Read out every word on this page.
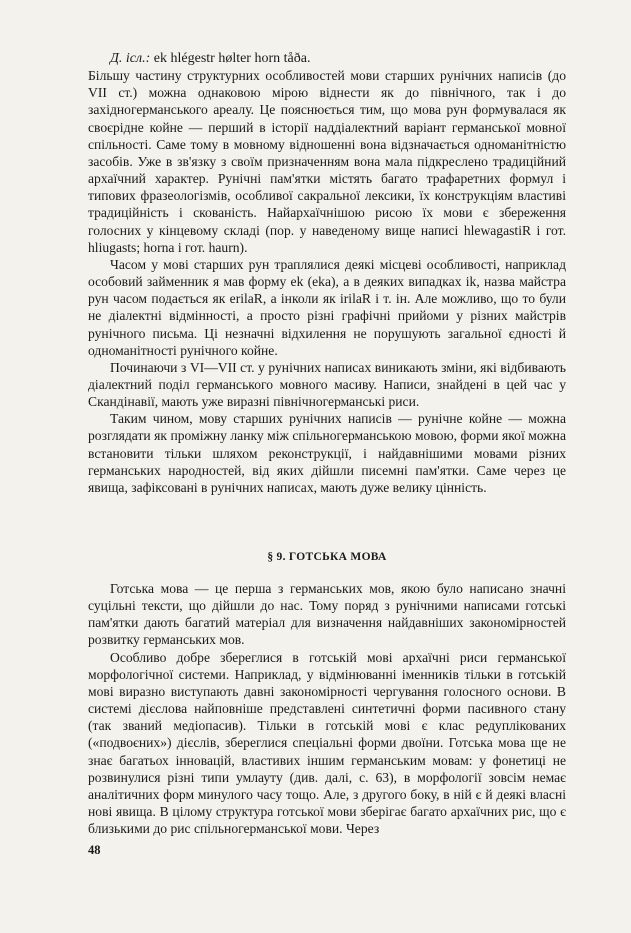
Д. ісл.: ek hlégestr hølter horn tåða.

Більшу частину структурних особливостей мови старших рунічних написів (до VII ст.) можна однаковою мірою віднести як до північного, так і до західногерманського ареалу. Це пояснюється тим, що мова рун формувалася як своєрідне койне — перший в історії наддіалектний варіант германської мовної спільності. Саме тому в мовному відношенні вона відзначається одноманітністю засобів. Уже в зв'язку з своїм призначенням вона мала підкреслено традиційний архаїчний характер. Рунічні пам'ятки містять багато трафаретних формул і типових фразеологізмів, особливої сакральної лексики, їх конструкціям властиві традиційність і скованість. Найархаїчнішою рисою їх мови є збереження голосних у кінцевому складі (пор. у наведеному вище написі hlewagastiR і гот. hliugasts; horna і гот. haurn).

Часом у мові старших рун траплялися деякі місцеві особливості, наприклад особовий займенник я мав форму ek (eka), а в деяких випадках ik, назва майстра рун часом подається як erilaR, а інколи як irilaR і т. ін. Але можливо, що то були не діалектні відмінності, а просто різні графічні прийоми у різних майстрів рунічного письма. Ці незначні відхилення не порушують загальної єдності й одноманітності рунічного койне.

Починаючи з VI—VII ст. у рунічних написах виникають зміни, які відбивають діалектний поділ германського мовного масиву. Написи, знайдені в цей час у Скандінавії, мають уже виразні північногерманські риси.

Таким чином, мову старших рунічних написів — рунічне койне — можна розглядати як проміжну ланку між спільногерманською мовою, форми якої можна встановити тільки шляхом реконструкції, і найдавнішими мовами різних германських народностей, від яких дійшли писемні пам'ятки. Саме через це явища, зафіксовані в рунічних написах, мають дуже велику цінність.

§ 9. ГОТСЬКА МОВА

Готська мова — це перша з германських мов, якою було написано значні суцільні тексти, що дійшли до нас. Тому поряд з рунічними написами готські пам'ятки дають багатий матеріал для визначення найдавніших закономірностей розвитку германських мов.

Особливо добре збереглися в готській мові архаїчні риси германської морфологічної системи. Наприклад, у відмінюванні іменників тільки в готській мові виразно виступають давні закономірності чергування голосного основи. В системі дієслова найповніше представлені синтетичні форми пасивного стану (так званий медіопасив). Тільки в готській мові є клас редуплікованих («подвоєних») дієслів, збереглися спеціальні форми двоїни. Готська мова ще не знає багатьох інновацій, властивих іншим германським мовам: у фонетиці не розвинулися різні типи умлауту (див. далі, с. 63), в морфології зовсім немає аналітичних форм минулого часу тощо. Але, з другого боку, в ній є й деякі власні нові явища. В цілому структура готської мови зберігає багато архаїчних рис, що є близькими до рис спільногерманської мови. Через

48
